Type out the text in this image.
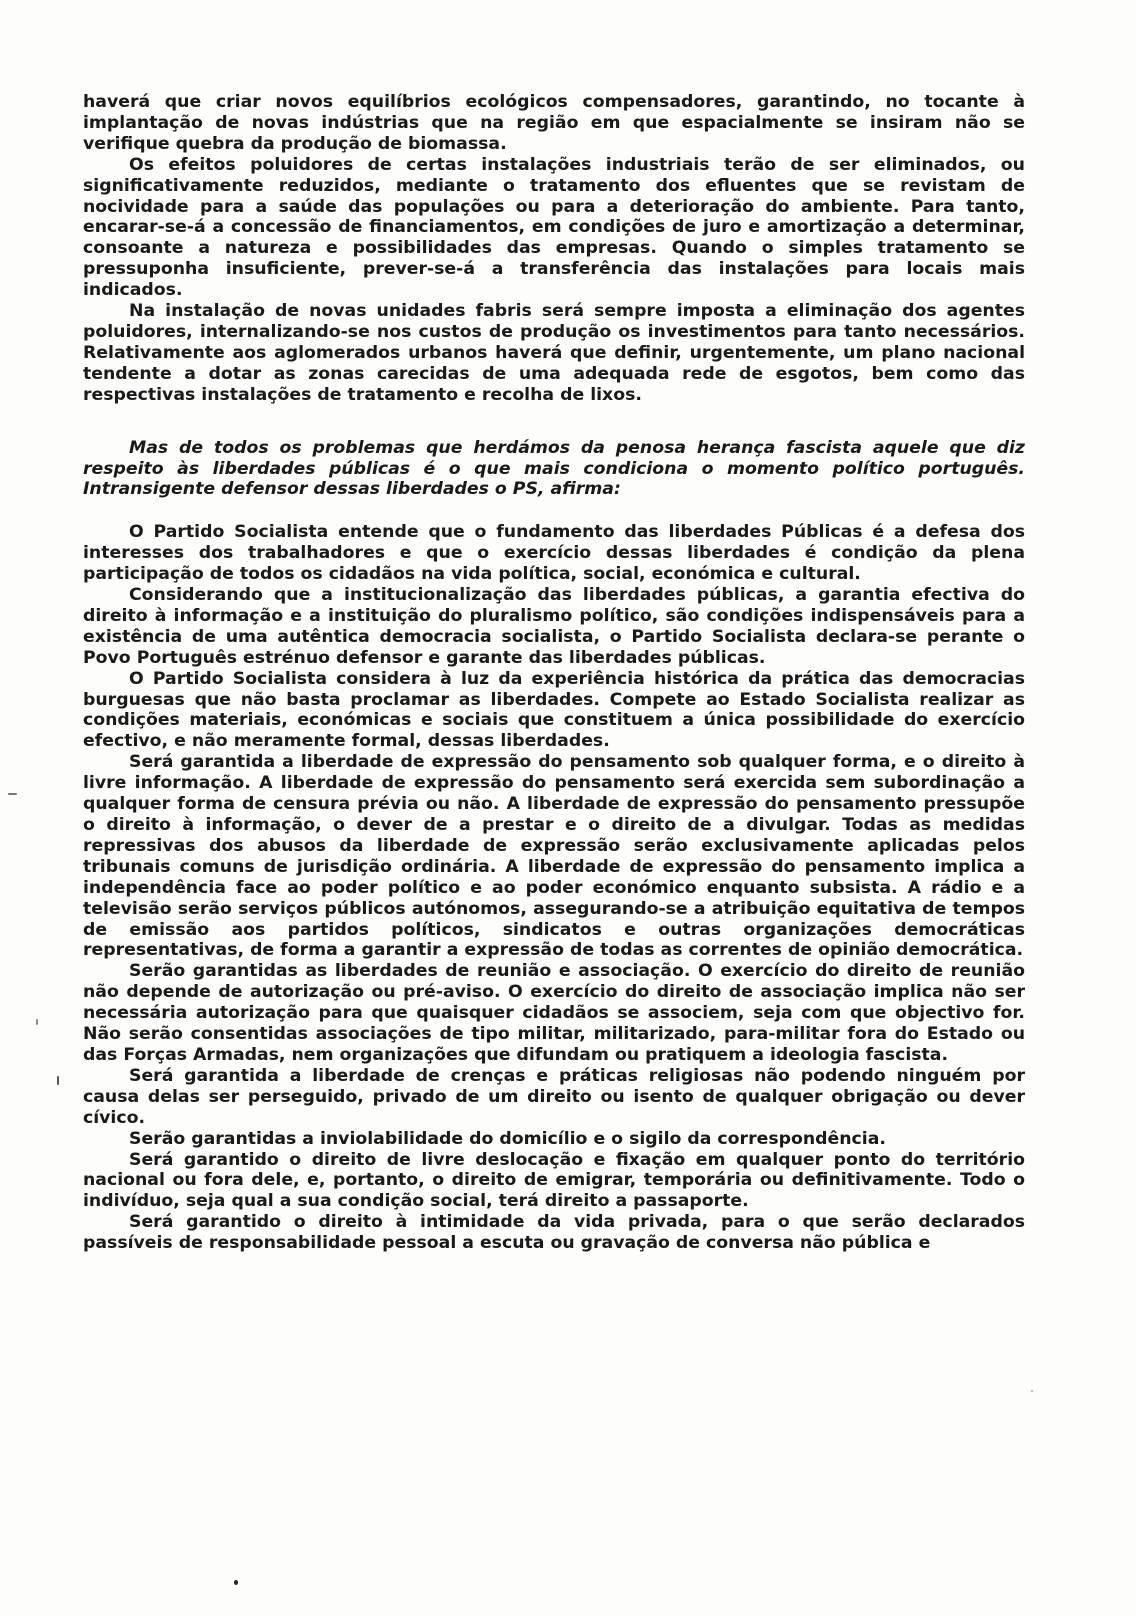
haverá que criar novos equilíbrios ecológicos compensadores, garantindo, no tocante à implantação de novas indústrias que na região em que espacialmente se insiram não se verifique quebra da produção de biomassa.

Os efeitos poluidores de certas instalações industriais terão de ser eliminados, ou significativamente reduzidos, mediante o tratamento dos efluentes que se revistam de nocividade para a saúde das populações ou para a deterioração do ambiente. Para tanto, encarar-se-á a concessão de financiamentos, em condições de juro e amortização a determinar, consoante a natureza e possibilidades das empresas. Quando o simples tratamento se pressuponha insuficiente, prever-se-á a transferência das instalações para locais mais indicados.

Na instalação de novas unidades fabris será sempre imposta a eliminação dos agentes poluidores, internalizando-se nos custos de produção os investimentos para tanto necessários. Relativamente aos aglomerados urbanos haverá que definir, urgentemente, um plano nacional tendente a dotar as zonas carecidas de uma adequada rede de esgotos, bem como das respectivas instalações de tratamento e recolha de lixos.

Mas de todos os problemas que herdámos da penosa herança fascista aquele que diz respeito às liberdades públicas é o que mais condiciona o momento político português. Intransigente defensor dessas liberdades o PS, afirma:

O Partido Socialista entende que o fundamento das liberdades Públicas é a defesa dos interesses dos trabalhadores e que o exercício dessas liberdades é condição da plena participação de todos os cidadãos na vida política, social, económica e cultural.

Considerando que a institucionalização das liberdades públicas, a garantia efectiva do direito à informação e a instituição do pluralismo político, são condições indispensáveis para a existência de uma autêntica democracia socialista, o Partido Socialista declara-se perante o Povo Português estrénuo defensor e garante das liberdades públicas.

O Partido Socialista considera à luz da experiência histórica da prática das democracias burguesas que não basta proclamar as liberdades. Compete ao Estado Socialista realizar as condições materiais, económicas e sociais que constituem a única possibilidade do exercício efectivo, e não meramente formal, dessas liberdades.

Será garantida a liberdade de expressão do pensamento sob qualquer forma, e o direito à livre informação. A liberdade de expressão do pensamento será exercida sem subordinação a qualquer forma de censura prévia ou não. A liberdade de expressão do pensamento pressupõe o direito à informação, o dever de a prestar e o direito de a divulgar. Todas as medidas repressivas dos abusos da liberdade de expressão serão exclusivamente aplicadas pelos tribunais comuns de jurisdição ordinária. A liberdade de expressão do pensamento implica a independência face ao poder político e ao poder económico enquanto subsista. A rádio e a televisão serão serviços públicos autónomos, assegurando-se a atribuição equitativa de tempos de emissão aos partidos políticos, sindicatos e outras organizações democráticas representativas, de forma a garantir a expressão de todas as correntes de opinião democrática.

Serão garantidas as liberdades de reunião e associação. O exercício do direito de reunião não depende de autorização ou pré-aviso. O exercício do direito de associação implica não ser necessária autorização para que quaisquer cidadãos se associem, seja com que objectivo for. Não serão consentidas associações de tipo militar, militarizado, para-militar fora do Estado ou das Forças Armadas, nem organizações que difundam ou pratiquem a ideologia fascista.

Será garantida a liberdade de crenças e práticas religiosas não podendo ninguém por causa delas ser perseguido, privado de um direito ou isento de qualquer obrigação ou dever cívico.

Serão garantidas a inviolabilidade do domicílio e o sigilo da correspondência.

Será garantido o direito de livre deslocação e fixação em qualquer ponto do território nacional ou fora dele, e, portanto, o direito de emigrar, temporária ou definitivamente. Todo o indivíduo, seja qual a sua condição social, terá direito a passaporte.

Será garantido o direito à intimidade da vida privada, para o que serão declarados passíveis de responsabilidade pessoal a escuta ou gravação de conversa não pública e
